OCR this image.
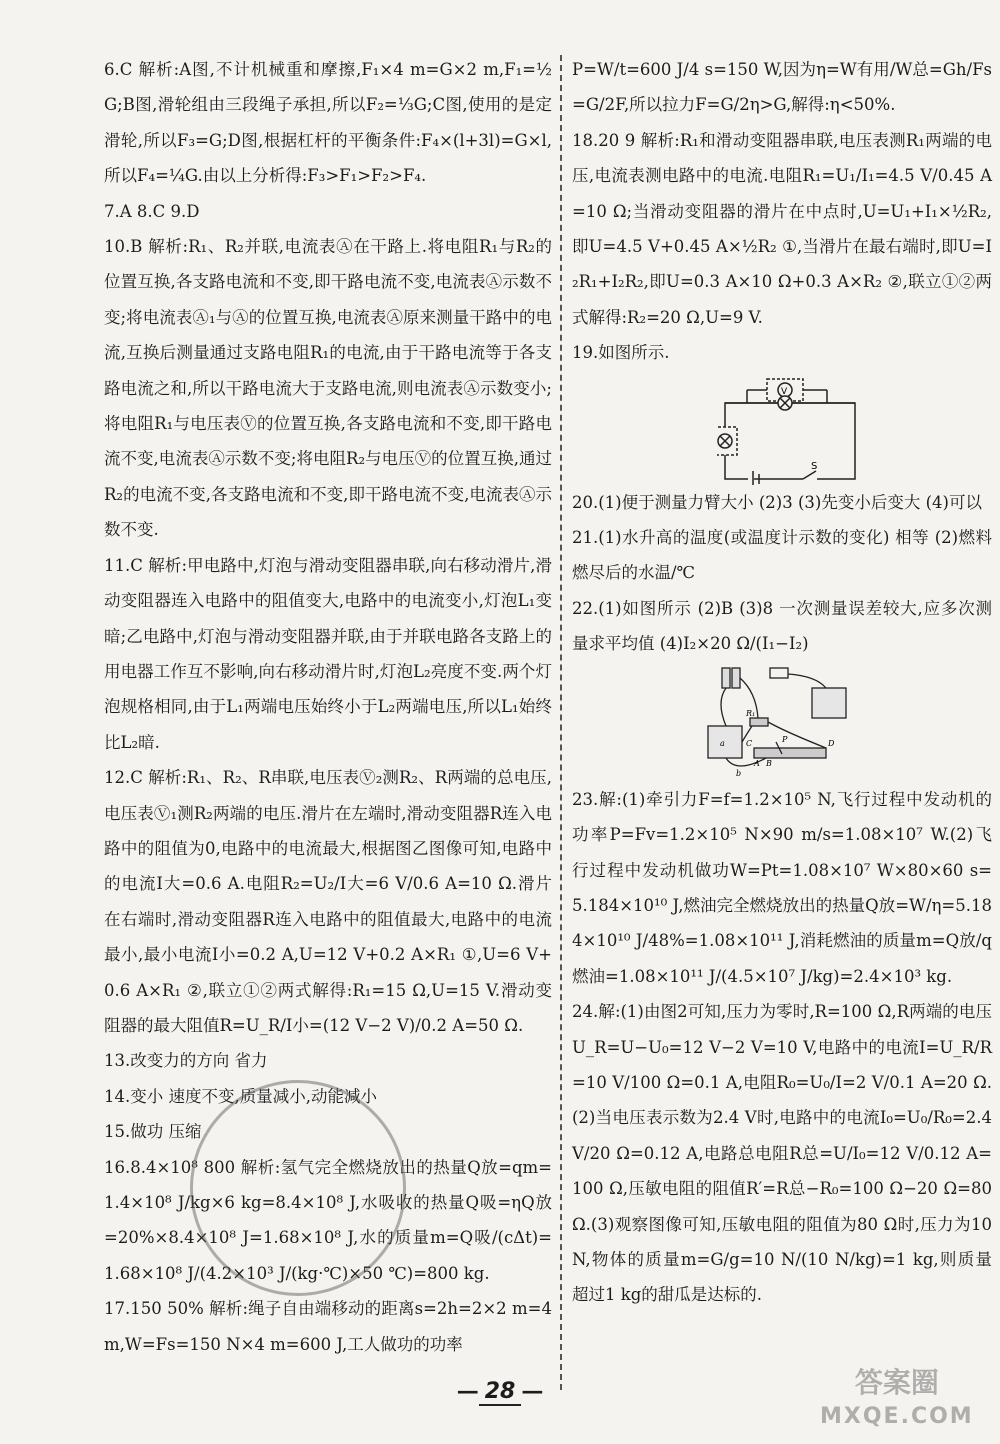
6.C 解析:A图,不计机械重和摩擦,F₁×4 m=G×2 m,F₁=½G;B图,滑轮组由三段绳子承担,所以F₂=⅓G;C图,使用的是定滑轮,所以F₃=G;D图,根据杠杆的平衡条件:F₄×(l+3l)=G×l,所以F₄=¼G.由以上分析得:F₃>F₁>F₂>F₄.

7.A 8.C 9.D

10.B 解析:R₁、R₂并联,电流表Ⓐ在干路上.将电阻R₁与R₂的位置互换,各支路电流和不变,即干路电流不变,电流表Ⓐ示数不变;将电流表Ⓐ₁与Ⓐ的位置互换,电流表Ⓐ原来测量干路中的电流,互换后测量通过支路电阻R₁的电流,由于干路电流等于各支路电流之和,所以干路电流大于支路电流,则电流表Ⓐ示数变小;将电阻R₁与电压表Ⓥ的位置互换,各支路电流和不变,即干路电流不变,电流表Ⓐ示数不变;将电阻R₂与电压Ⓥ的位置互换,通过R₂的电流不变,各支路电流和不变,即干路电流不变,电流表Ⓐ示数不变.

11.C 解析:甲电路中,灯泡与滑动变阻器串联,向右移动滑片,滑动变阻器连入电路中的阻值变大,电路中的电流变小,灯泡L₁变暗;乙电路中,灯泡与滑动变阻器并联,由于并联电路各支路上的用电器工作互不影响,向右移动滑片时,灯泡L₂亮度不变.两个灯泡规格相同,由于L₁两端电压始终小于L₂两端电压,所以L₁始终比L₂暗.

12.C 解析:R₁、R₂、R串联,电压表Ⓥ₂测R₂、R两端的总电压,电压表Ⓥ₁测R₂两端的电压.滑片在左端时,滑动变阻器R连入电路中的阻值为0,电路中的电流最大,根据图乙图像可知,电路中的电流I大=0.6 A.电阻R₂=U₂/I大=6 V/0.6 A=10 Ω.滑片在右端时,滑动变阻器R连入电路中的阻值最大,电路中的电流最小,最小电流I小=0.2 A,U=12 V+0.2 A×R₁ ①,U=6 V+0.6 A×R₁ ②,联立①②两式解得:R₁=15 Ω,U=15 V.滑动变阻器的最大阻值R=U_R/I小=(12 V−2 V)/0.2 A=50 Ω.

13.改变力的方向 省力

14.变小 速度不变,质量减小,动能减小

15.做功 压缩

16.8.4×10⁸ 800 解析:氢气完全燃烧放出的热量Q放=qm=1.4×10⁸ J/kg×6 kg=8.4×10⁸ J,水吸收的热量Q吸=ηQ放=20%×8.4×10⁸ J=1.68×10⁸ J,水的质量m=Q吸/(cΔt)=1.68×10⁸ J/(4.2×10³ J/(kg·℃)×50 ℃)=800 kg.

17.150 50% 解析:绳子自由端移动的距离s=2h=2×2 m=4 m,W=Fs=150 N×4 m=600 J,工人做功的功率

P=W/t=600 J/4 s=150 W,因为η=W有用/W总=Gh/Fs=G/2F,所以拉力F=G/2η>G,解得:η<50%.

18.20 9 解析:R₁和滑动变阻器串联,电压表测R₁两端的电压,电流表测电路中的电流.电阻R₁=U₁/I₁=4.5 V/0.45 A=10 Ω;当滑动变阻器的滑片在中点时,U=U₁+I₁×½R₂,即U=4.5 V+0.45 A×½R₂ ①,当滑片在最右端时,即U=I₂R₁+I₂R₂,即U=0.3 A×10 Ω+0.3 A×R₂ ②,联立①②两式解得:R₂=20 Ω,U=9 V.

19.如图所示.

V
S

20.(1)便于测量力臂大小 (2)3 (3)先变小后变大 (4)可以

21.(1)水升高的温度(或温度计示数的变化) 相等 (2)燃料燃尽后的水温/℃

22.(1)如图所示 (2)B (3)8 一次测量误差较大,应多次测量求平均值 (4)I₂×20 Ω/(I₁−I₂)

R₁
A B
C	D
P
b
a

23.解:(1)牵引力F=f=1.2×10⁵ N,飞行过程中发动机的功率P=Fv=1.2×10⁵ N×90 m/s=1.08×10⁷ W.(2)飞行过程中发动机做功W=Pt=1.08×10⁷ W×80×60 s=5.184×10¹⁰ J,燃油完全燃烧放出的热量Q放=W/η=5.184×10¹⁰ J/48%=1.08×10¹¹ J,消耗燃油的质量m=Q放/q燃油=1.08×10¹¹ J/(4.5×10⁷ J/kg)=2.4×10³ kg.

24.解:(1)由图2可知,压力为零时,R=100 Ω,R两端的电压U_R=U−U₀=12 V−2 V=10 V,电路中的电流I=U_R/R=10 V/100 Ω=0.1 A,电阻R₀=U₀/I=2 V/0.1 A=20 Ω.(2)当电压表示数为2.4 V时,电路中的电流I₀=U₀/R₀=2.4 V/20 Ω=0.12 A,电路总电阻R总=U/I₀=12 V/0.12 A=100 Ω,压敏电阻的阻值R′=R总−R₀=100 Ω−20 Ω=80 Ω.(3)观察图像可知,压敏电阻的阻值为80 Ω时,压力为10 N,物体的质量m=G/g=10 N/(10 N/kg)=1 kg,则质量超过1 kg的甜瓜是达标的.

— 28 —	答案圈
MXQE.COM
